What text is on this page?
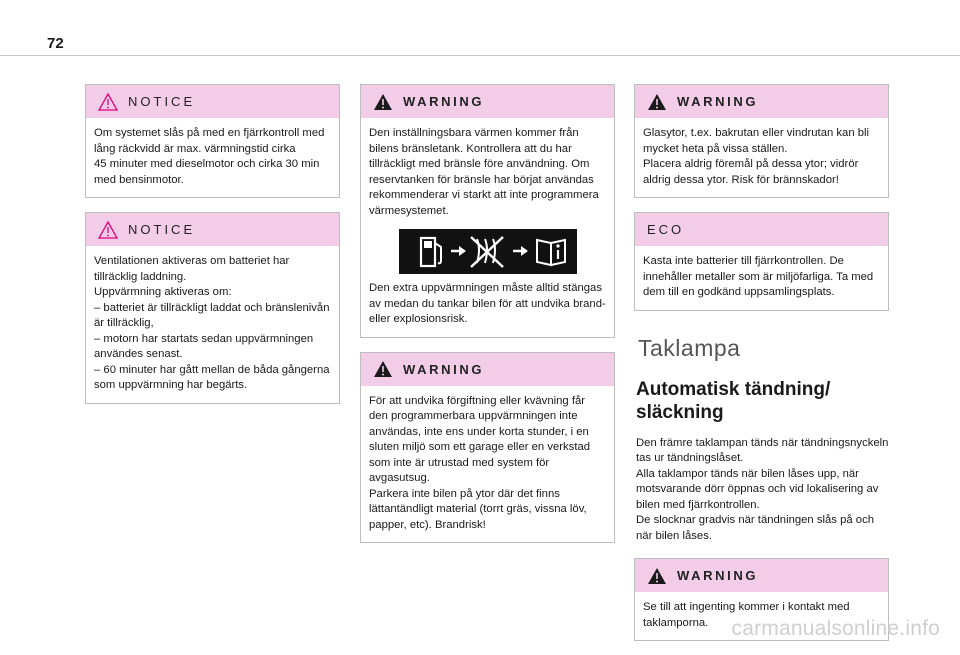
72
NOTICE

Om systemet slås på med en fjärrkontroll med lång räckvidd är max. värmningstid cirka
45 minuter med dieselmotor och cirka 30 min med bensinmotor.

NOTICE

Ventilationen aktiveras om batteriet har tillräcklig laddning.
Uppvärmning aktiveras om:
– batteriet är tillräckligt laddat och bränslenivån är tillräcklig,
– motorn har startats sedan uppvärmningen användes senast.
– 60 minuter har gått mellan de båda gångerna som uppvärmning har begärts.

WARNING

Den inställningsbara värmen kommer från bilens bränsletank. Kontrollera att du har tillräckligt med bränsle före användning. Om reservtanken för bränsle har börjat användas rekommenderar vi starkt att inte programmera värmesystemet.

Den extra uppvärmningen måste alltid stängas av medan du tankar bilen för att undvika brand- eller explosionsrisk.

WARNING

För att undvika förgiftning eller kvävning får den programmerbara uppvärmningen inte användas, inte ens under korta stunder, i en sluten miljö som ett garage eller en verkstad som inte är utrustad med system för avgasutsug.
Parkera inte bilen på ytor där det finns lättantändligt material (torrt gräs, vissna löv, papper, etc). Brandrisk!

WARNING

Glasytor, t.ex. bakrutan eller vindrutan kan bli mycket heta på vissa ställen.
Placera aldrig föremål på dessa ytor; vidrör aldrig dessa ytor. Risk för brännskador!

ECO

Kasta inte batterier till fjärrkontrollen. De innehåller metaller som är miljöfarliga. Ta med dem till en godkänd uppsamlingsplats.

Taklampa
Automatisk tändning/
släckning
Den främre taklampan tänds när tändningsnyckeln tas ur tändningslåset.
Alla taklampor tänds när bilen låses upp, när motsvarande dörr öppnas och vid lokalisering av bilen med fjärrkontrollen.
De slocknar gradvis när tändningen slås på och när bilen låses.
WARNING

Se till att ingenting kommer i kontakt med taklamporna.	carmanualsonline.info
